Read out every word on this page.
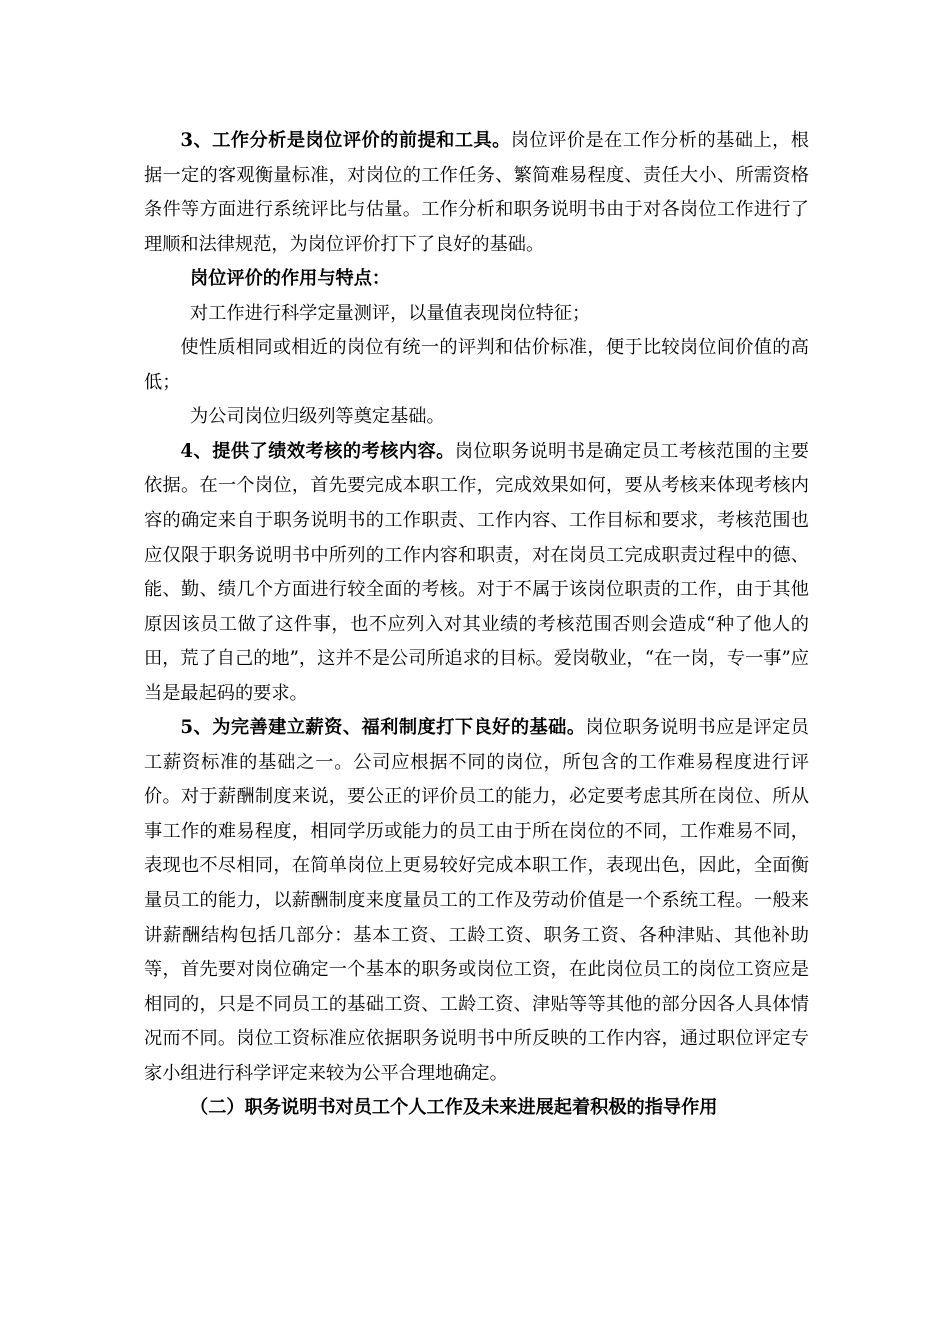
3、工作分析是岗位评价的前提和工具。岗位评价是在工作分析的基础上，根据一定的客观衡量标准，对岗位的工作任务、繁简难易程度、责任大小、所需资格条件等方面进行系统评比与估量。工作分析和职务说明书由于对各岗位工作进行了理顺和法律规范，为岗位评价打下了良好的基础。

岗位评价的作用与特点：

对工作进行科学定量测评，以量值表现岗位特征；

使性质相同或相近的岗位有统一的评判和估价标准，便于比较岗位间价值的高低；

为公司岗位归级列等奠定基础。

4、提供了绩效考核的考核内容。岗位职务说明书是确定员工考核范围的主要依据。在一个岗位，首先要完成本职工作，完成效果如何，要从考核来体现考核内容的确定来自于职务说明书的工作职责、工作内容、工作目标和要求，考核范围也应仅限于职务说明书中所列的工作内容和职责，对在岗员工完成职责过程中的德、能、勤、绩几个方面进行较全面的考核。对于不属于该岗位职责的工作，由于其他原因该员工做了这件事，也不应列入对其业绩的考核范围否则会造成“种了他人的田，荒了自己的地”，这并不是公司所追求的目标。爱岗敬业，“在一岗，专一事”应当是最起码的要求。

5、为完善建立薪资、福利制度打下良好的基础。岗位职务说明书应是评定员工薪资标准的基础之一。公司应根据不同的岗位，所包含的工作难易程度进行评价。对于薪酬制度来说，要公正的评价员工的能力，必定要考虑其所在岗位、所从事工作的难易程度，相同学历或能力的员工由于所在岗位的不同，工作难易不同，表现也不尽相同，在简单岗位上更易较好完成本职工作，表现出色，因此，全面衡量员工的能力，以薪酬制度来度量员工的工作及劳动价值是一个系统工程。一般来讲薪酬结构包括几部分：基本工资、工龄工资、职务工资、各种津贴、其他补助等，首先要对岗位确定一个基本的职务或岗位工资，在此岗位员工的岗位工资应是相同的，只是不同员工的基础工资、工龄工资、津贴等等其他的部分因各人具体情况而不同。岗位工资标准应依据职务说明书中所反映的工作内容，通过职位评定专家小组进行科学评定来较为公平合理地确定。

（二）职务说明书对员工个人工作及未来进展起着积极的指导作用
